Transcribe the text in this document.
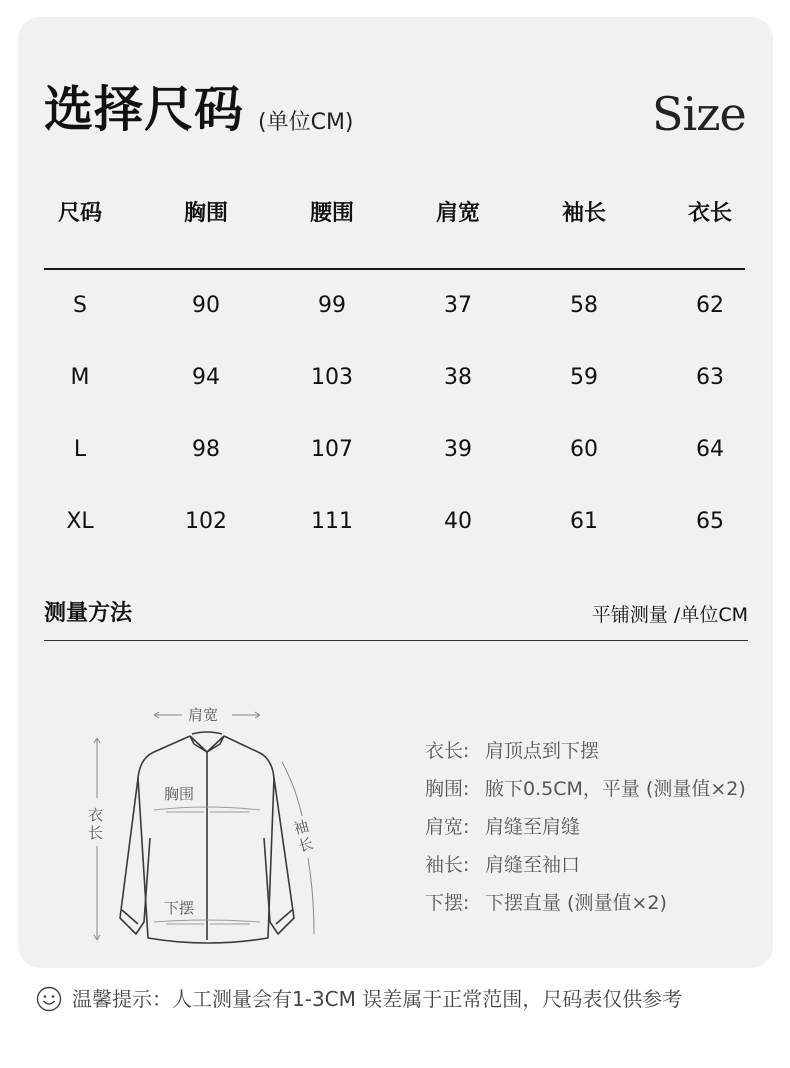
选择尺码 (单位CM)	Size
尺码	胸围	腰围	肩宽	袖长	衣长
S	90	99	37	58	62
M	94	103	38	59	63
L	98	107	39	60	64
XL	102	111	40	61	65
测量方法	平铺测量 /单位CM
肩宽
胸围
衣长	袖长
下摆
衣长: 肩顶点到下摆
胸围: 腋下0.5CM，平量 (测量值×2)
肩宽: 肩缝至肩缝
袖长: 肩缝至袖口
下摆: 下摆直量 (测量值×2)
温馨提示：人工测量会有1-3CM 误差属于正常范围，尺码表仅供参考
